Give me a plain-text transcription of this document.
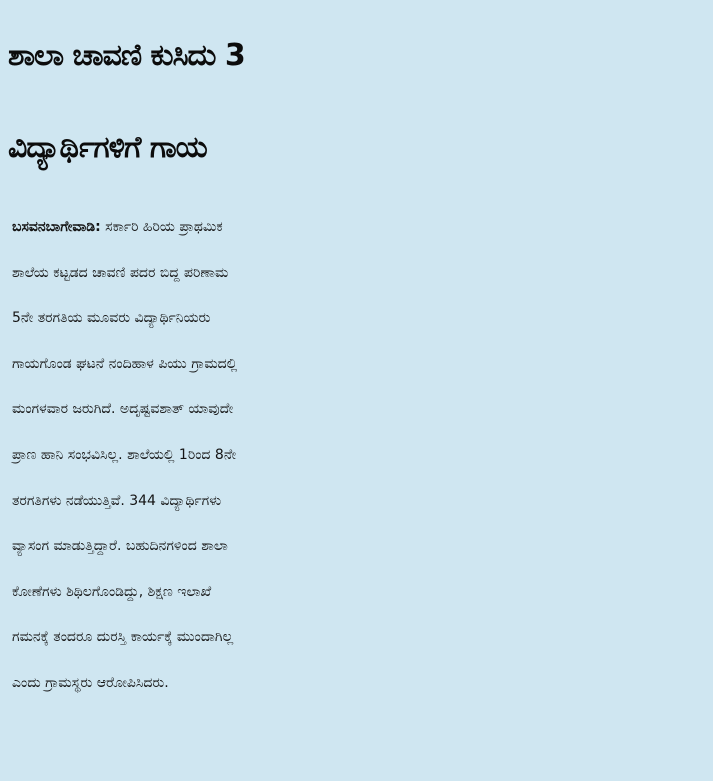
ಶಾಲಾ ಚಾವಣಿ ಕುಸಿದು 3
ವಿದ್ಯಾರ್ಥಿಗಳಿಗೆ ಗಾಯ
ಬಸವನಬಾಗೇವಾಡಿ: ಸರ್ಕಾರಿ ಹಿರಿಯ ಪ್ರಾಥಮಿಕ
ಶಾಲೆಯ ಕಟ್ಟಡದ ಚಾವಣಿ ಪದರ ಬಿದ್ದ ಪರಿಣಾಮ
5ನೇ ತರಗತಿಯ ಮೂವರು ವಿದ್ಯಾರ್ಥಿನಿಯರು
ಗಾಯಗೊಂಡ ಘಟನೆ ನಂದಿಹಾಳ ಪಿಯು ಗ್ರಾಮದಲ್ಲಿ
ಮಂಗಳವಾರ ಜರುಗಿದೆ. ಅದೃಷ್ಟವಶಾತ್ ಯಾವುದೇ
ಪ್ರಾಣ ಹಾನಿ ಸಂಭವಿಸಿಲ್ಲ. ಶಾಲೆಯಲ್ಲಿ 1ರಿಂದ 8ನೇ
ತರಗತಿಗಳು ನಡೆಯುತ್ತಿವೆ. 344 ವಿದ್ಯಾರ್ಥಿಗಳು
ವ್ಯಾಸಂಗ ಮಾಡುತ್ತಿದ್ದಾರೆ. ಬಹುದಿನಗಳಿಂದ ಶಾಲಾ
ಕೋಣೆಗಳು ಶಿಥಿಲಗೊಂಡಿದ್ದು, ಶಿಕ್ಷಣ ಇಲಾಖೆ
ಗಮನಕ್ಕೆ ತಂದರೂ ದುರಸ್ತಿ ಕಾರ್ಯಕ್ಕೆ ಮುಂದಾಗಿಲ್ಲ
ಎಂದು ಗ್ರಾಮಸ್ಥರು ಆರೋಪಿಸಿದರು.
